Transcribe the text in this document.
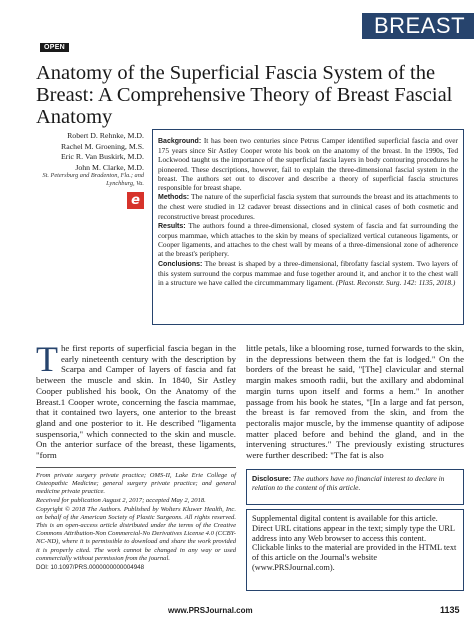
BREAST
OPEN
Anatomy of the Superficial Fascia System of the Breast: A Comprehensive Theory of Breast Fascial Anatomy
Robert D. Rehnke, M.D.
Rachel M. Groening, M.S.
Eric R. Van Buskirk, M.D.
John M. Clarke, M.D.
St. Petersburg and Bradenton, Fla.; and Lynchburg, Va.
e

Background: It has been two centuries since Petrus Camper identified superficial fascia and over 175 years since Sir Astley Cooper wrote his book on the anatomy of the breast. In the 1990s, Ted Lockwood taught us the importance of the superficial fascia layers in body contouring procedures he pioneered. These descriptions, however, fail to explain the three-dimensional fascial system in the breast. The authors set out to discover and describe a theory of superficial fascia structures responsible for breast shape.

Methods: The nature of the superficial fascia system that surrounds the breast and its attachments to the chest were studied in 12 cadaver breast dissections and in clinical cases of both cosmetic and reconstructive breast procedures.

Results: The authors found a three-dimensional, closed system of fascia and fat surrounding the corpus mammae, which attaches to the skin by means of specialized vertical cutaneous ligaments, or Cooper ligaments, and attaches to the chest wall by means of a three-dimensional zone of adherence at the breast's periphery.

Conclusions: The breast is shaped by a three-dimensional, fibrofatty fascial system. Two layers of this system surround the corpus mammae and fuse together around it, and anchor it to the chest wall in a structure we have called the circummammary ligament. (Plast. Reconstr. Surg. 142: 1135, 2018.)

The first reports of superficial fascia began in the early nineteenth century with the description by Scarpa and Camper of layers of fascia and fat between the muscle and skin. In 1840, Sir Astley Cooper published his book, On the Anatomy of the Breast.1 Cooper wrote, concerning the fascia mammae, that it contained two layers, one anterior to the breast gland and one posterior to it. He described "ligamenta suspensoria," which connected to the skin and muscle. On the anterior surface of the breast, these ligaments, "form

From private surgery private practice; OMS-II, Lake Erie College of Osteopathic Medicine; general surgery private practice; and general medicine private practice.

Received for publication August 2, 2017; accepted May 2, 2018.

Copyright © 2018 The Authors. Published by Wolters Kluwer Health, Inc. on behalf of the American Society of Plastic Surgeons. All rights reserved. This is an open-access article distributed under the terms of the Creative Commons Attribution-Non Commercial-No Derivatives License 4.0 (CCBY-NC-ND), where it is permissible to download and share the work provided it is properly cited. The work cannot be changed in any way or used commercially without permission from the journal.

DOI: 10.1097/PRS.0000000000004948

little petals, like a blooming rose, turned forwards to the skin, in the depressions between them the fat is lodged." On the borders of the breast he said, "[The] clavicular and sternal margin makes smooth radii, but the axillary and abdominal margin turns upon itself and forms a hem." In another passage from his book he states, "[In a large and fat person, the breast is far removed from the skin, and from the pectoralis major muscle, by the immense quantity of adipose matter placed before and behind the gland, and in the intervening structures." The previously existing structures were further described: "The fat is also
Disclosure: The authors have no financial interest to declare in relation to the content of this article.
Supplemental digital content is available for this article. Direct URL citations appear in the text; simply type the URL address into any Web browser to access this content. Clickable links to the material are provided in the HTML text of this article on the Journal's website (www.PRSJournal.com).
www.PRSJournal.com	1135
